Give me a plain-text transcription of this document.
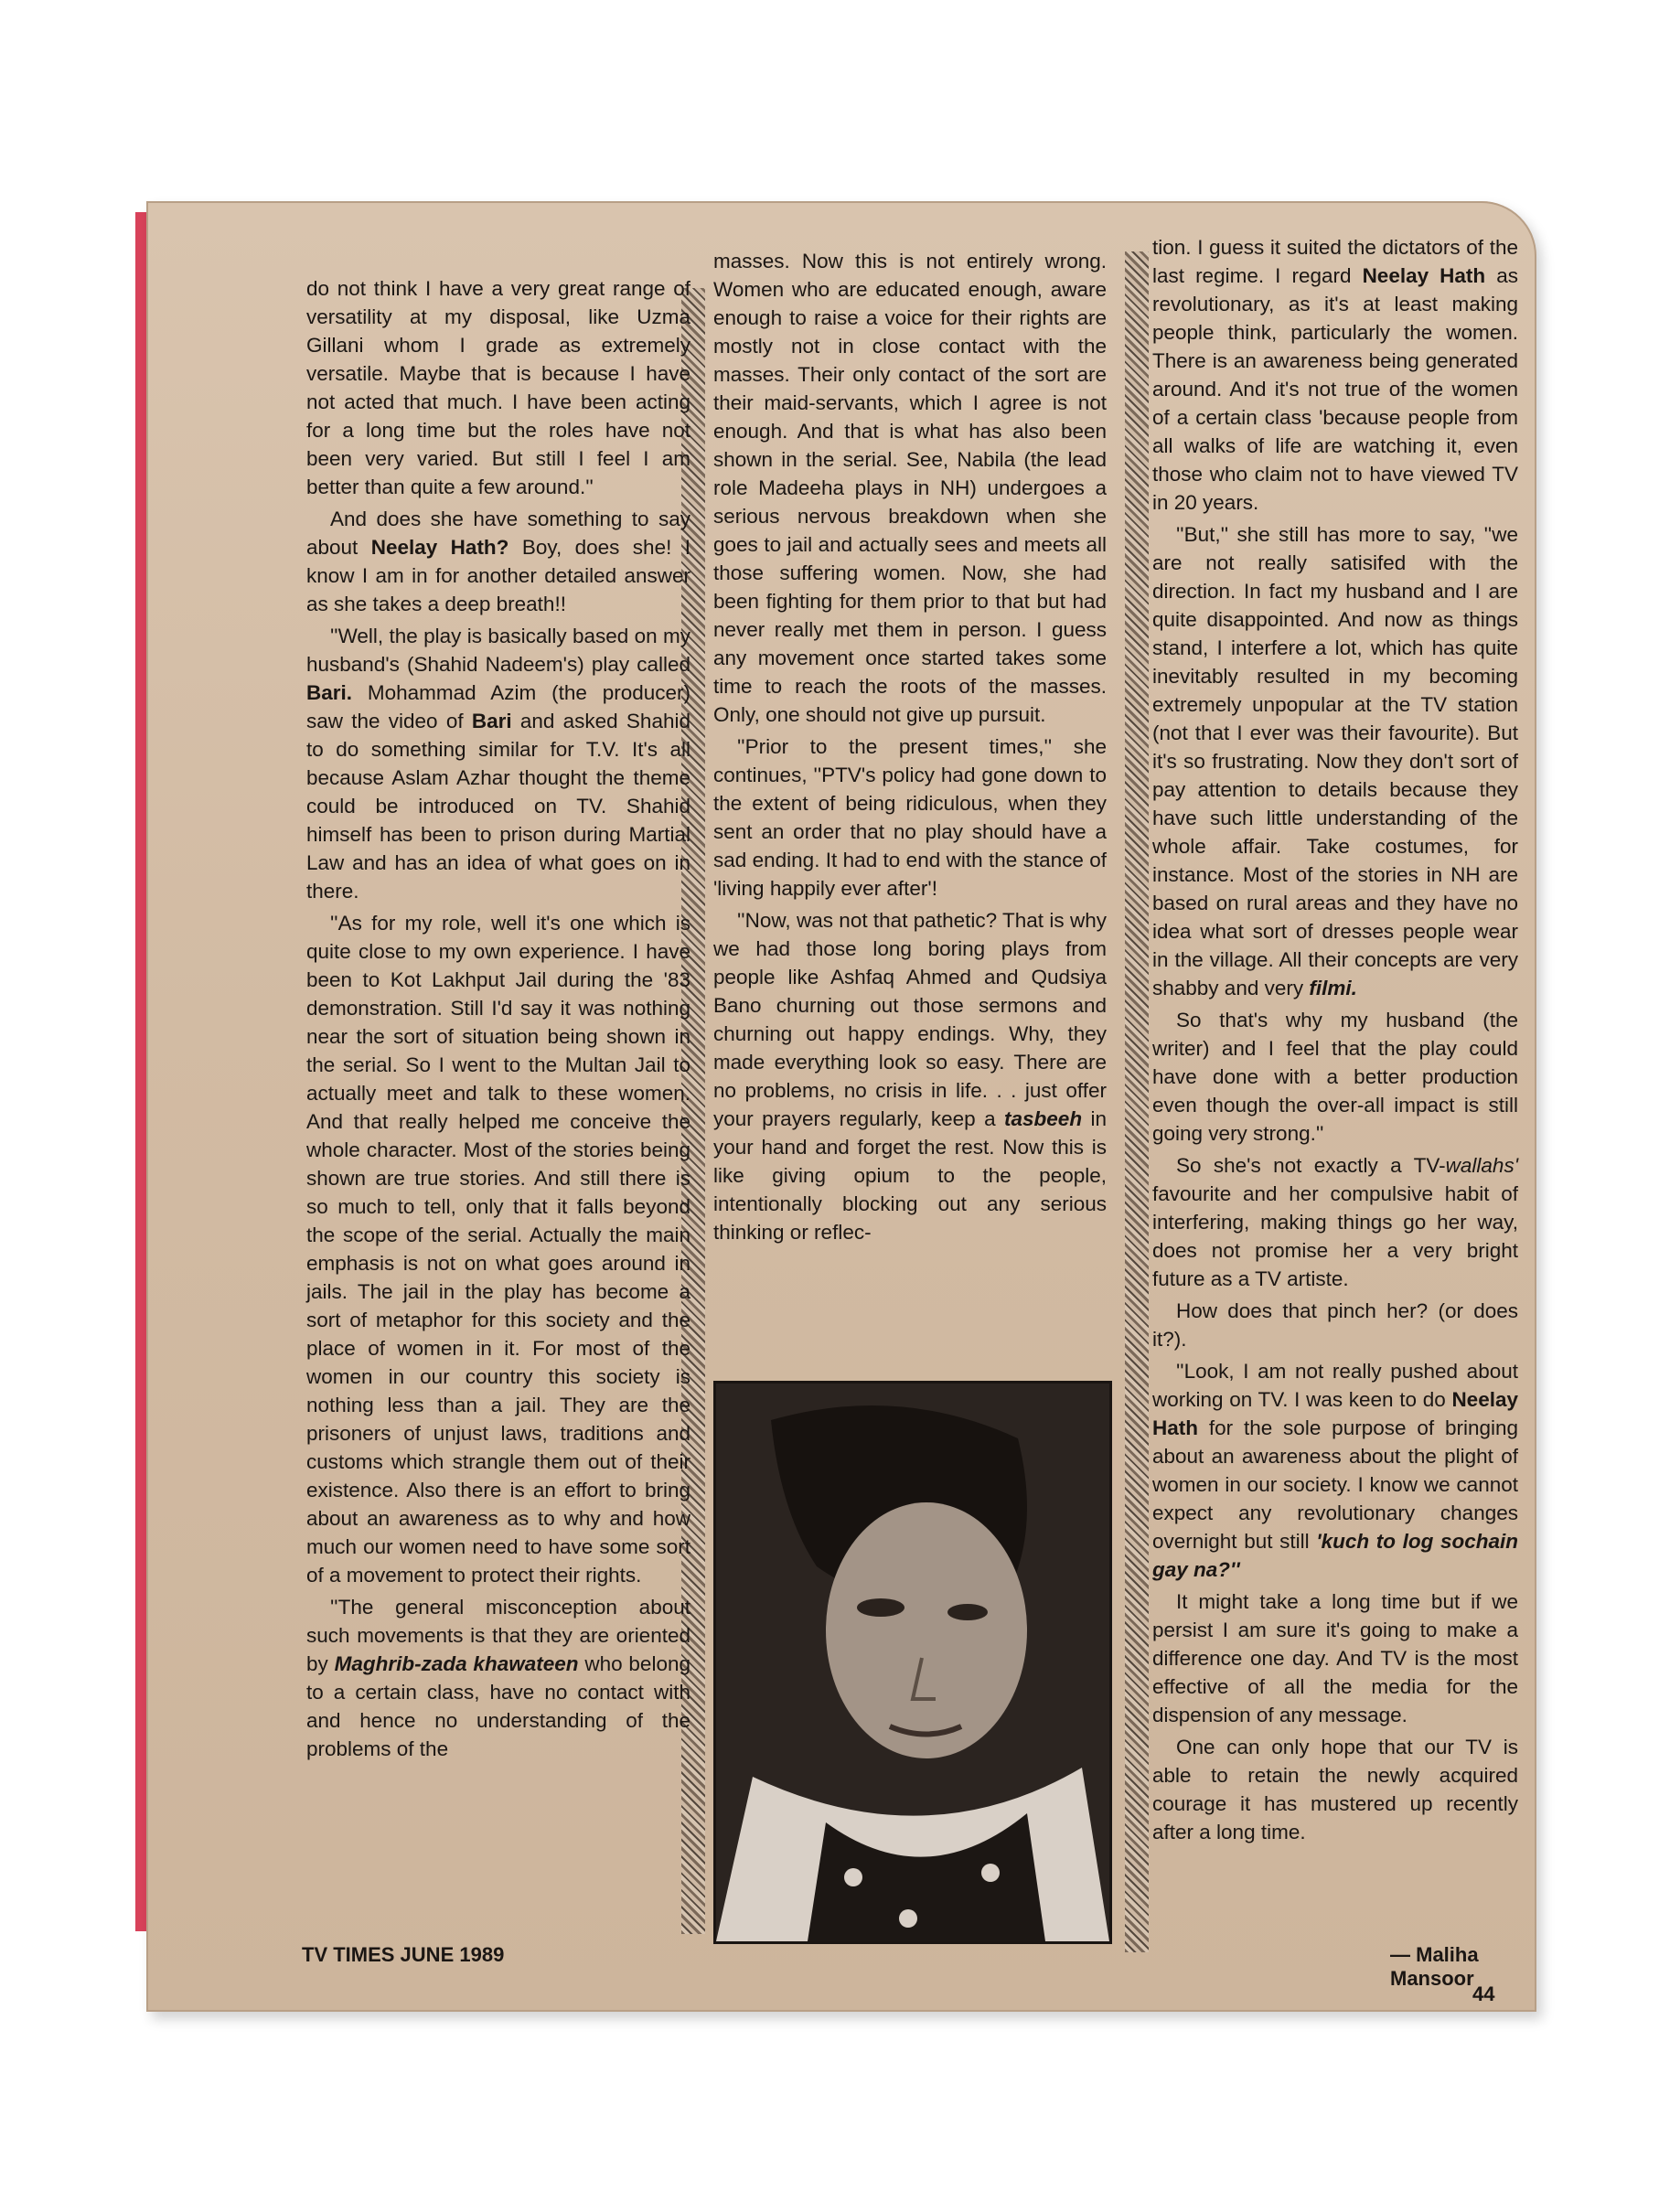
do not think I have a very great range of versatility at my disposal, like Uzma Gillani whom I grade as extremely versatile. Maybe that is because I have not acted that much. I have been acting for a long time but the roles have not been very varied. But still I feel I am better than quite a few around.''

And does she have something to say about Neelay Hath? Boy, does she! I know I am in for another detailed answer as she takes a deep breath!!

''Well, the play is basically based on my husband's (Shahid Nadeem's) play called Bari. Mohammad Azim (the producer) saw the video of Bari and asked Shahid to do something similar for T.V. It's all because Aslam Azhar thought the theme could be introduced on TV. Shahid himself has been to prison during Martial Law and has an idea of what goes on in there.

''As for my role, well it's one which is quite close to my own experience. I have been to Kot Lakhput Jail during the '83 demonstration. Still I'd say it was nothing near the sort of situation being shown in the serial. So I went to the Multan Jail to actually meet and talk to these women. And that really helped me conceive the whole character. Most of the stories being shown are true stories. And still there is so much to tell, only that it falls beyond the scope of the serial. Actually the main emphasis is not on what goes around in jails. The jail in the play has become a sort of metaphor for this society and the place of women in it. For most of the women in our country this society is nothing less than a jail. They are the prisoners of unjust laws, traditions and customs which strangle them out of their existence. Also there is an effort to bring about an awareness as to why and how much our women need to have some sort of a movement to protect their rights.

''The general misconception about such movements is that they are oriented by Maghrib-zada khawateen who belong to a certain class, have no contact with and hence no understanding of the problems of the

masses. Now this is not entirely wrong. Women who are educated enough, aware enough to raise a voice for their rights are mostly not in close contact with the masses. Their only contact of the sort are their maid-servants, which I agree is not enough. And that is what has also been shown in the serial. See, Nabila (the lead role Madeeha plays in NH) undergoes a serious nervous breakdown when she goes to jail and actually sees and meets all those suffering women. Now, she had been fighting for them prior to that but had never really met them in person. I guess any movement once started takes some time to reach the roots of the masses. Only, one should not give up pursuit.

''Prior to the present times,'' she continues, ''PTV's policy had gone down to the extent of being ridiculous, when they sent an order that no play should have a sad ending. It had to end with the stance of 'living happily ever after'!

''Now, was not that pathetic? That is why we had those long boring plays from people like Ashfaq Ahmed and Qudsiya Bano churning out those sermons and churning out happy endings. Why, they made everything look so easy. There are no problems, no crisis in life. . . just offer your prayers regularly, keep a tasbeeh in your hand and forget the rest. Now this is like giving opium to the people, intentionally blocking out any serious thinking or reflec-

tion. I guess it suited the dictators of the last regime. I regard Neelay Hath as revolutionary, as it's at least making people think, particularly the women. There is an awareness being generated around. And it's not true of the women of a certain class 'because people from all walks of life are watching it, even those who claim not to have viewed TV in 20 years.

''But,'' she still has more to say, ''we are not really satisifed with the direction. In fact my husband and I are quite disappointed. And now as things stand, I interfere a lot, which has quite inevitably resulted in my becoming extremely unpopular at the TV station (not that I ever was their favourite). But it's so frustrating. Now they don't sort of pay attention to details because they have such little understanding of the whole affair. Take costumes, for instance. Most of the stories in NH are based on rural areas and they have no idea what sort of dresses people wear in the village. All their concepts are very shabby and very filmi.

So that's why my husband (the writer) and I feel that the play could have done with a better production even though the over-all impact is still going very strong.''

So she's not exactly a TV-wallahs' favourite and her compulsive habit of interfering, making things go her way, does not promise her a very bright future as a TV artiste.

How does that pinch her? (or does it?).

''Look, I am not really pushed about working on TV. I was keen to do Neelay Hath for the sole purpose of bringing about an awareness about the plight of women in our society. I know we cannot expect any revolutionary changes overnight but still 'kuch to log sochain gay na?''

It might take a long time but if we persist I am sure it's going to make a difference one day. And TV is the most effective of all the media for the dispension of any message.

One can only hope that our TV is able to retain the newly acquired courage it has mustered up recently after a long time.

TV TIMES JUNE 1989	— Maliha Mansoor
44
